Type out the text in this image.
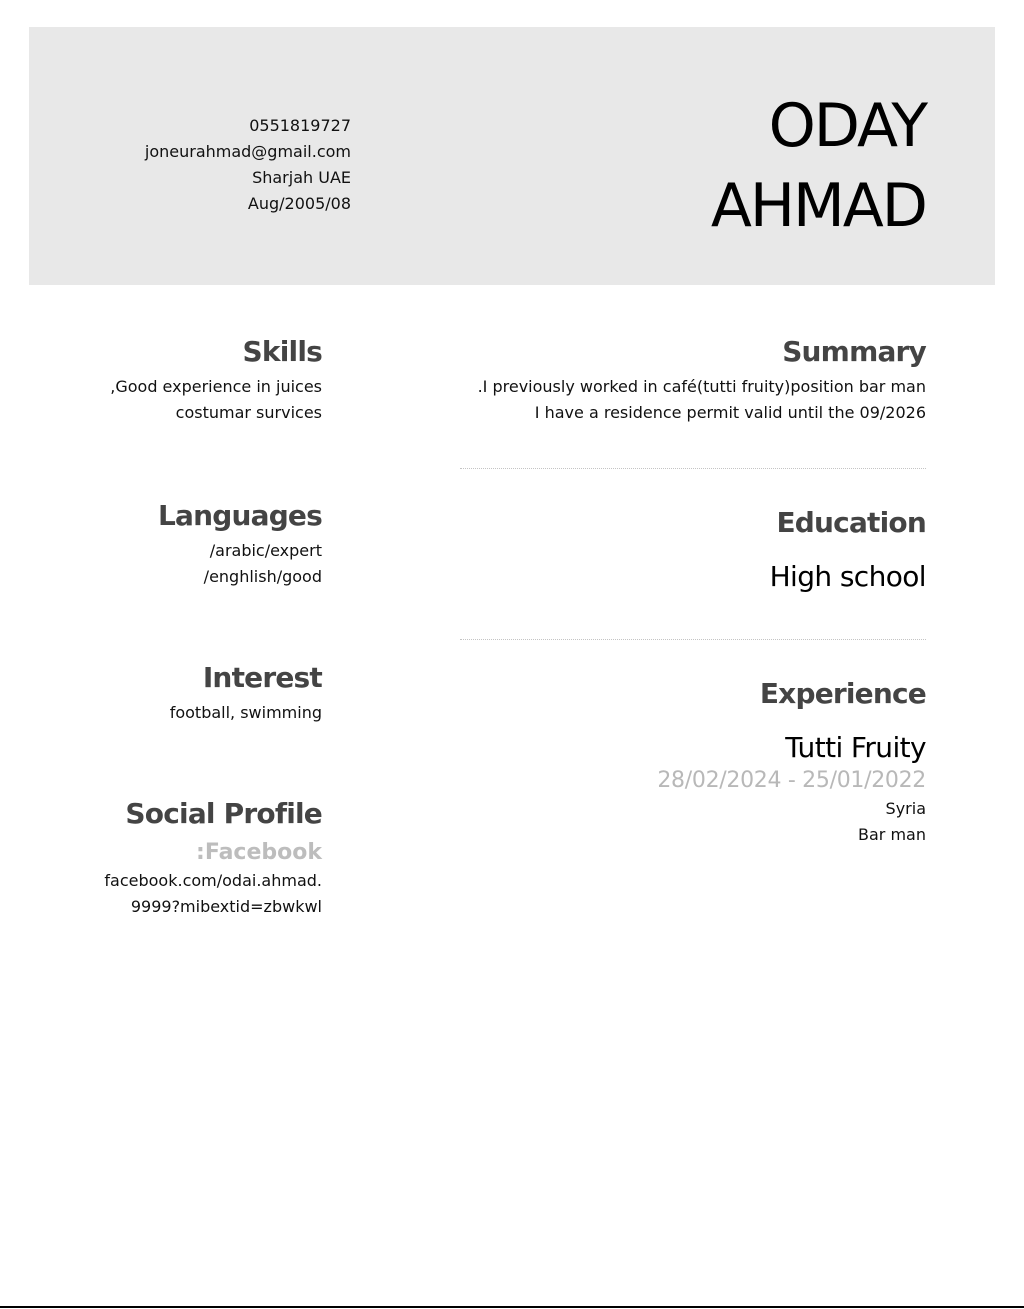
0551819727
joneurahmad@gmail.com
Sharjah UAE
Aug/2005/08
ODAY
AHMAD
Skills
,Good experience in juices
costumar survices
Languages
/arabic/expert
/enghlish/good
Interest
football, swimming
Social Profile
:Facebook
facebook.com/odai.ahmad.
9999?mibextid=zbwkwl
Summary
.I previously worked in café(tutti fruity)position bar man
I have a residence permit valid until the 09/2026
Education
High school
Experience
Tutti Fruity
28/02/2024 - 25/01/2022
Syria
Bar man
